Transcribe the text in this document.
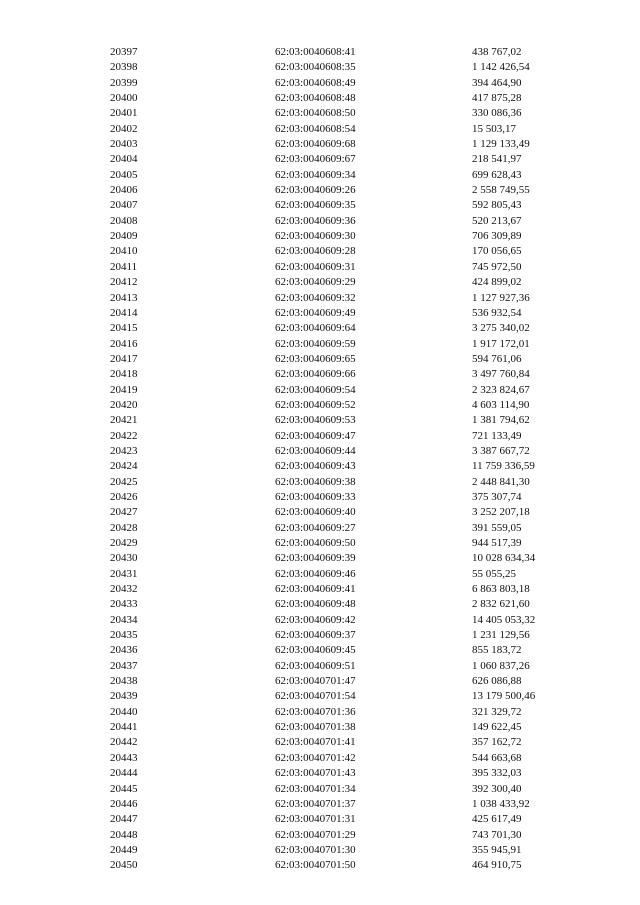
20397	62:03:0040608:41	438 767,02
20398	62:03:0040608:35	1 142 426,54
20399	62:03:0040608:49	394 464,90
20400	62:03:0040608:48	417 875,28
20401	62:03:0040608:50	330 086,36
20402	62:03:0040608:54	15 503,17
20403	62:03:0040609:68	1 129 133,49
20404	62:03:0040609:67	218 541,97
20405	62:03:0040609:34	699 628,43
20406	62:03:0040609:26	2 558 749,55
20407	62:03:0040609:35	592 805,43
20408	62:03:0040609:36	520 213,67
20409	62:03:0040609:30	706 309,89
20410	62:03:0040609:28	170 056,65
20411	62:03:0040609:31	745 972,50
20412	62:03:0040609:29	424 899,02
20413	62:03:0040609:32	1 127 927,36
20414	62:03:0040609:49	536 932,54
20415	62:03:0040609:64	3 275 340,02
20416	62:03:0040609:59	1 917 172,01
20417	62:03:0040609:65	594 761,06
20418	62:03:0040609:66	3 497 760,84
20419	62:03:0040609:54	2 323 824,67
20420	62:03:0040609:52	4 603 114,90
20421	62:03:0040609:53	1 381 794,62
20422	62:03:0040609:47	721 133,49
20423	62:03:0040609:44	3 387 667,72
20424	62:03:0040609:43	11 759 336,59
20425	62:03:0040609:38	2 448 841,30
20426	62:03:0040609:33	375 307,74
20427	62:03:0040609:40	3 252 207,18
20428	62:03:0040609:27	391 559,05
20429	62:03:0040609:50	944 517,39
20430	62:03:0040609:39	10 028 634,34
20431	62:03:0040609:46	55 055,25
20432	62:03:0040609:41	6 863 803,18
20433	62:03:0040609:48	2 832 621,60
20434	62:03:0040609:42	14 405 053,32
20435	62:03:0040609:37	1 231 129,56
20436	62:03:0040609:45	855 183,72
20437	62:03:0040609:51	1 060 837,26
20438	62:03:0040701:47	626 086,88
20439	62:03:0040701:54	13 179 500,46
20440	62:03:0040701:36	321 329,72
20441	62:03:0040701:38	149 622,45
20442	62:03:0040701:41	357 162,72
20443	62:03:0040701:42	544 663,68
20444	62:03:0040701:43	395 332,03
20445	62:03:0040701:34	392 300,40
20446	62:03:0040701:37	1 038 433,92
20447	62:03:0040701:31	425 617,49
20448	62:03:0040701:29	743 701,30
20449	62:03:0040701:30	355 945,91
20450	62:03:0040701:50	464 910,75
